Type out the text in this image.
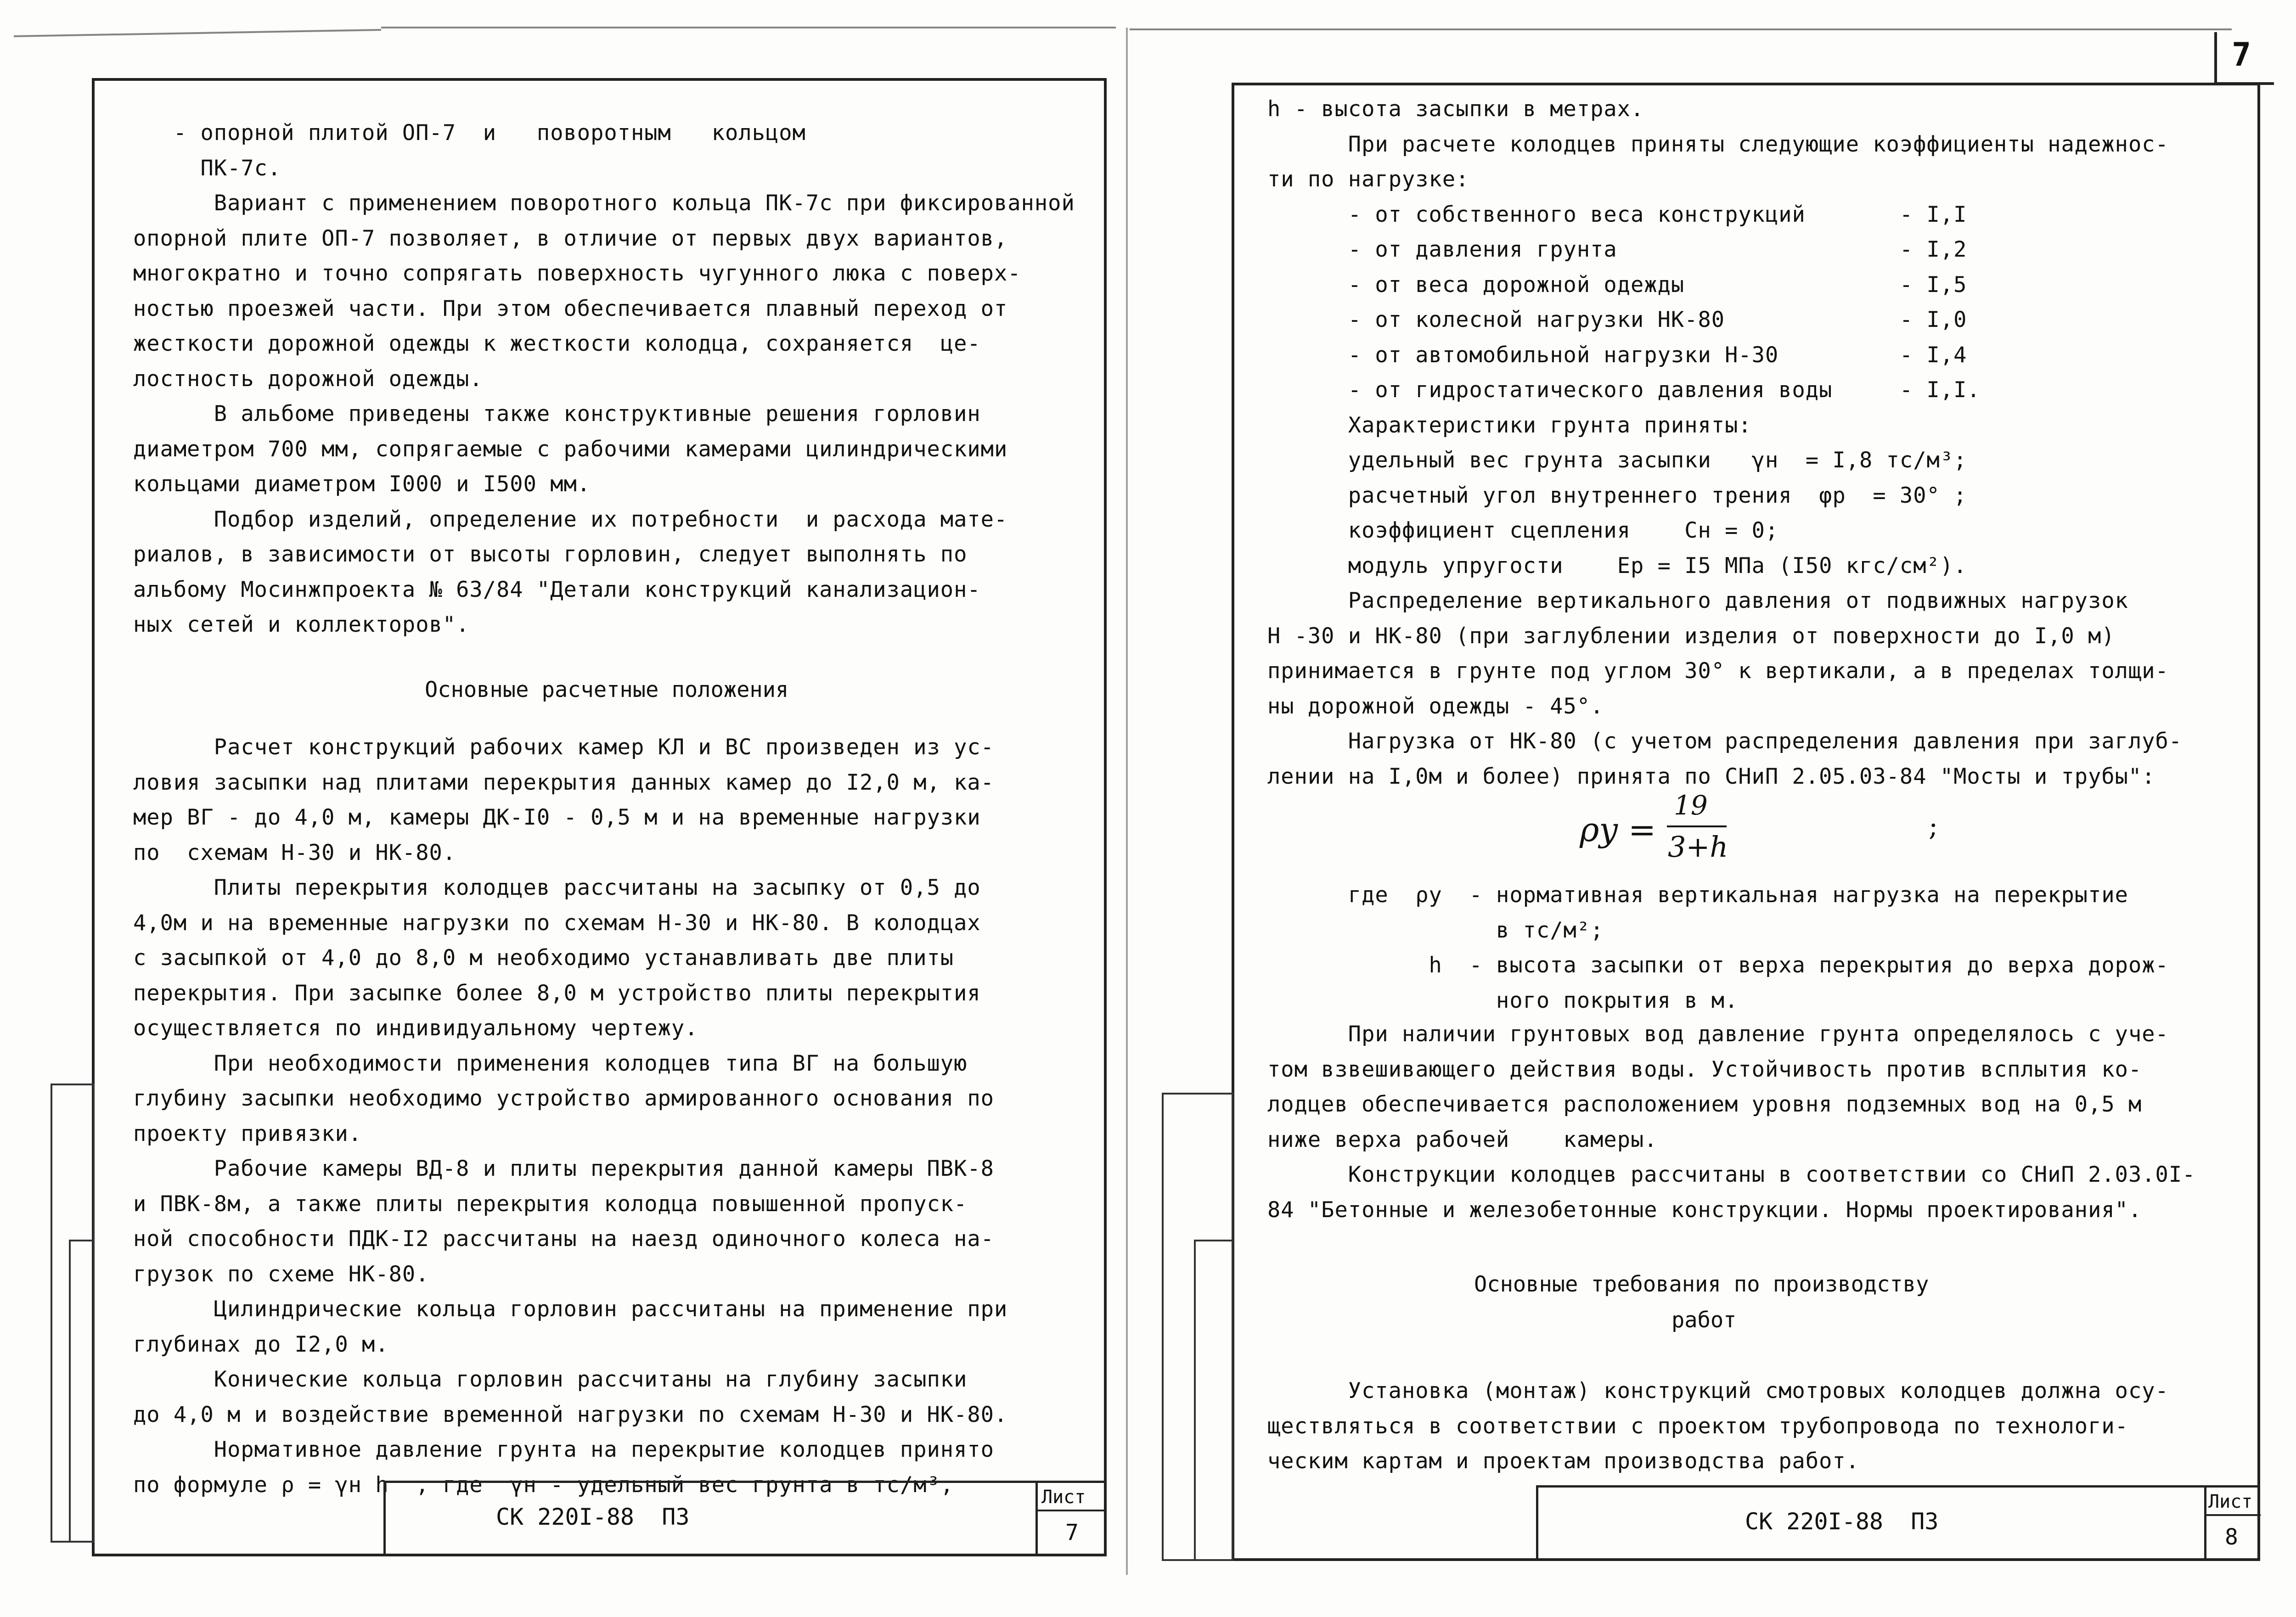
- опорной плитой ОП-7  и   поворотным   кольцом
ПК-7с.
Вариант с применением поворотного кольца ПК-7с при фиксированной
опорной плите ОП-7 позволяет, в отличие от первых двух вариантов,
многократно и точно сопрягать поверхность чугунного люка с поверх-
ностью проезжей части. При этом обеспечивается плавный переход от
жесткости дорожной одежды к жесткости колодца, сохраняется  це-
лостность дорожной одежды.
В альбоме приведены также конструктивные решения горловин
диаметром 700 мм, сопрягаемые с рабочими камерами цилиндрическими
кольцами диаметром I000 и I500 мм.
Подбор изделий, определение их потребности  и расхода мате-
риалов, в зависимости от высоты горловин, следует выполнять по
альбому Мосинжпроекта № 63/84 "Детали конструкций канализацион-
ных сетей и коллекторов".
Основные расчетные положения
Расчет конструкций рабочих камер КЛ и ВС произведен из ус-
ловия засыпки над плитами перекрытия данных камер до I2,0 м, ка-
мер ВГ - до 4,0 м, камеры ДК-I0 - 0,5 м и на временные нагрузки
по  схемам Н-30 и НК-80.
Плиты перекрытия колодцев рассчитаны на засыпку от 0,5 до
4,0м и на временные нагрузки по схемам Н-30 и НК-80. В колодцах
с засыпкой от 4,0 до 8,0 м необходимо устанавливать две плиты
перекрытия. При засыпке более 8,0 м устройство плиты перекрытия
осуществляется по индивидуальному чертежу.
При необходимости применения колодцев типа ВГ на большую
глубину засыпки необходимо устройство армированного основания по
проекту привязки.
Рабочие камеры ВД-8 и плиты перекрытия данной камеры ПВК-8
и ПВК-8м, а также плиты перекрытия колодца повышенной пропуск-
ной способности ПДК-I2 рассчитаны на наезд одиночного колеса на-
грузок по схеме НК-80.
Цилиндрические кольца горловин рассчитаны на применение при
глубинах до I2,0 м.
Конические кольца горловин рассчитаны на глубину засыпки
до 4,0 м и воздействие временной нагрузки по схемам Н-30 и НК-80.
Нормативное давление грунта на перекрытие колодцев принято
по формуле ρ = γн h  , где  γн - удельный вес грунта в тс/м³,
СК 220I-88  ПЗ
Лист
7
7
h - высота засыпки в метрах.
При расчете колодцев приняты следующие коэффициенты надежнос-
ти по нагрузке:
- от собственного веса конструкций       - I,I
- от давления грунта                     - I,2
- от веса дорожной одежды                - I,5
- от колесной нагрузки НК-80             - I,0
- от автомобильной нагрузки Н-30         - I,4
- от гидростатического давления воды     - I,I.
Характеристики грунта приняты:
удельный вес грунта засыпки   γн  = I,8 тс/м³;
расчетный угол внутреннего трения  φр  = 30° ;
коэффициент сцепления    Сн = 0;
модуль упругости    Ер = I5 МПа (I50 кгс/см²).
Распределение вертикального давления от подвижных нагрузок
Н -30 и НК-80 (при заглублении изделия от поверхности до I,0 м)
принимается в грунте под углом 30° к вертикали, а в пределах толщи-
ны дорожной одежды - 45°.
Нагрузка от НК-80 (с учетом распределения давления при заглуб-
лении на I,0м и более) принята по СНиП 2.05.03-84 "Мосты и трубы":
ρy =
19
3+h
;
где  ρy  - нормативная вертикальная нагрузка на перекрытие
в тс/м²;
h  - высота засыпки от верха перекрытия до верха дорож-
ного покрытия в м.
При наличии грунтовых вод давление грунта определялось с уче-
том взвешивающего действия воды. Устойчивость против всплытия ко-
лодцев обеспечивается расположением уровня подземных вод на 0,5 м
ниже верха рабочей    камеры.
Конструкции колодцев рассчитаны в соответствии со СНиП 2.03.0I-
84 "Бетонные и железобетонные конструкции. Нормы проектирования".
Основные требования по производству
работ
Установка (монтаж) конструкций смотровых колодцев должна осу-
ществляться в соответствии с проектом трубопровода по технологи-
ческим картам и проектам производства работ.
СК 220I-88  ПЗ
Лист
8
